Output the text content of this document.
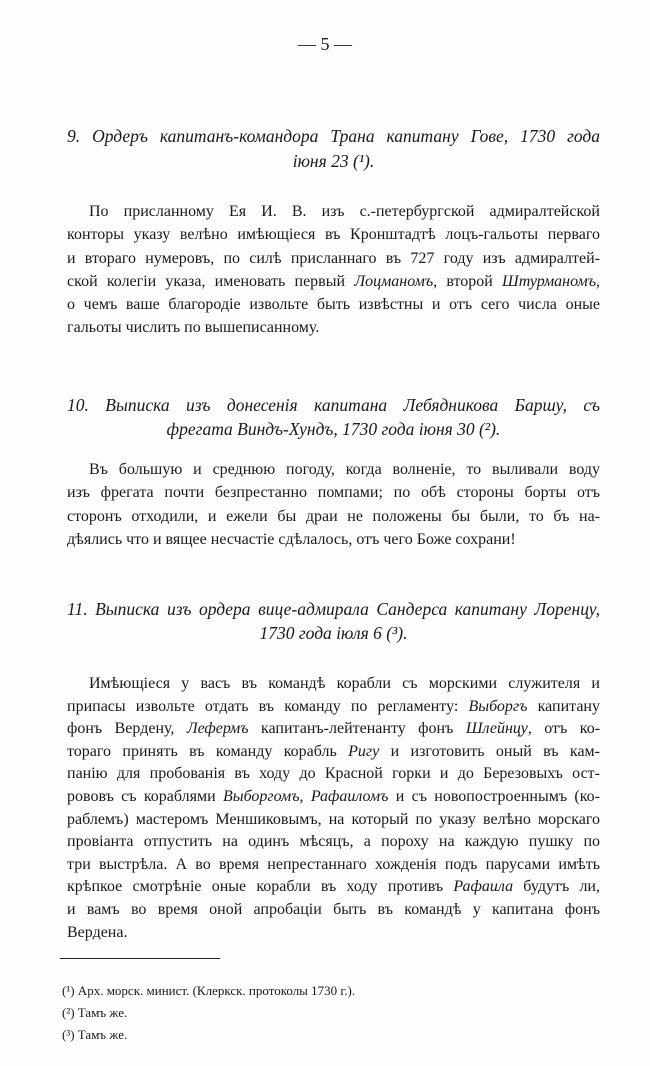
— 5 —
9. Ордеръ капитанъ-командора Трана капитану Гове, 1730 года
іюня 23 (¹).
По присланному Ея И. В. изъ с.-петербургской адмиралтейской
конторы указу велѣно имѣющіеся въ Кронштадтѣ лоцъ-гальоты перваго
и втораго нумеровъ, по силѣ присланнаго въ 727 году изъ адмиралтей-
ской колегіи указа, именовать первый Лоцманомъ, второй Штурманомъ,
о чемъ ваше благородіе извольте быть извѣстны и отъ сего числа оные
гальоты числить по вышеписанному.
10. Выписка изъ донесенія капитана Лебядникова Баршу, съ
фрегата Виндъ-Хундъ, 1730 года іюня 30 (²).
Въ большую и среднюю погоду, когда волненіе, то выливали воду
изъ фрегата почти безпрестанно помпами; по обѣ стороны борты отъ
сторонъ отходили, и ежели бы драи не положены бы были, то бъ на-
дѣялись что и вящее несчастіе сдѣлалось, отъ чего Боже сохрани!
11. Выписка изъ ордера вице-адмирала Сандерса капитану Лоренцу,
1730 года іюля 6 (³).
Имѣющіеся у васъ въ командѣ корабли съ морскими служителя и
припасы извольте отдать въ команду по регламенту: Выборгъ капитану
фонъ Вердену, Лефермъ капитанъ-лейтенанту фонъ Шлейнцу, отъ ко-
тораго принять въ команду корабль Ригу и изготовить оный въ кам-
панію для пробованія въ ходу до Красной горки и до Березовыхъ ост-
рововъ съ кораблями Выборгомъ, Рафаиломъ и съ новопостроеннымъ (ко-
раблемъ) мастеромъ Меншиковымъ, на который по указу велѣно морскаго
провіанта отпустить на одинъ мѣсяцъ, а пороху на каждую пушку по
три выстрѣла. А во время непрестаннаго хожденія подъ парусами имѣть
крѣпкое смотрѣніе оные корабли въ ходу противъ Рафаила будутъ ли,
и вамъ во время оной апробаціи быть въ командѣ у капитана фонъ
Вердена.
(¹) Арх. морск. минист. (Клеркск. протоколы 1730 г.).
(²) Тамъ же.
(³) Тамъ же.
